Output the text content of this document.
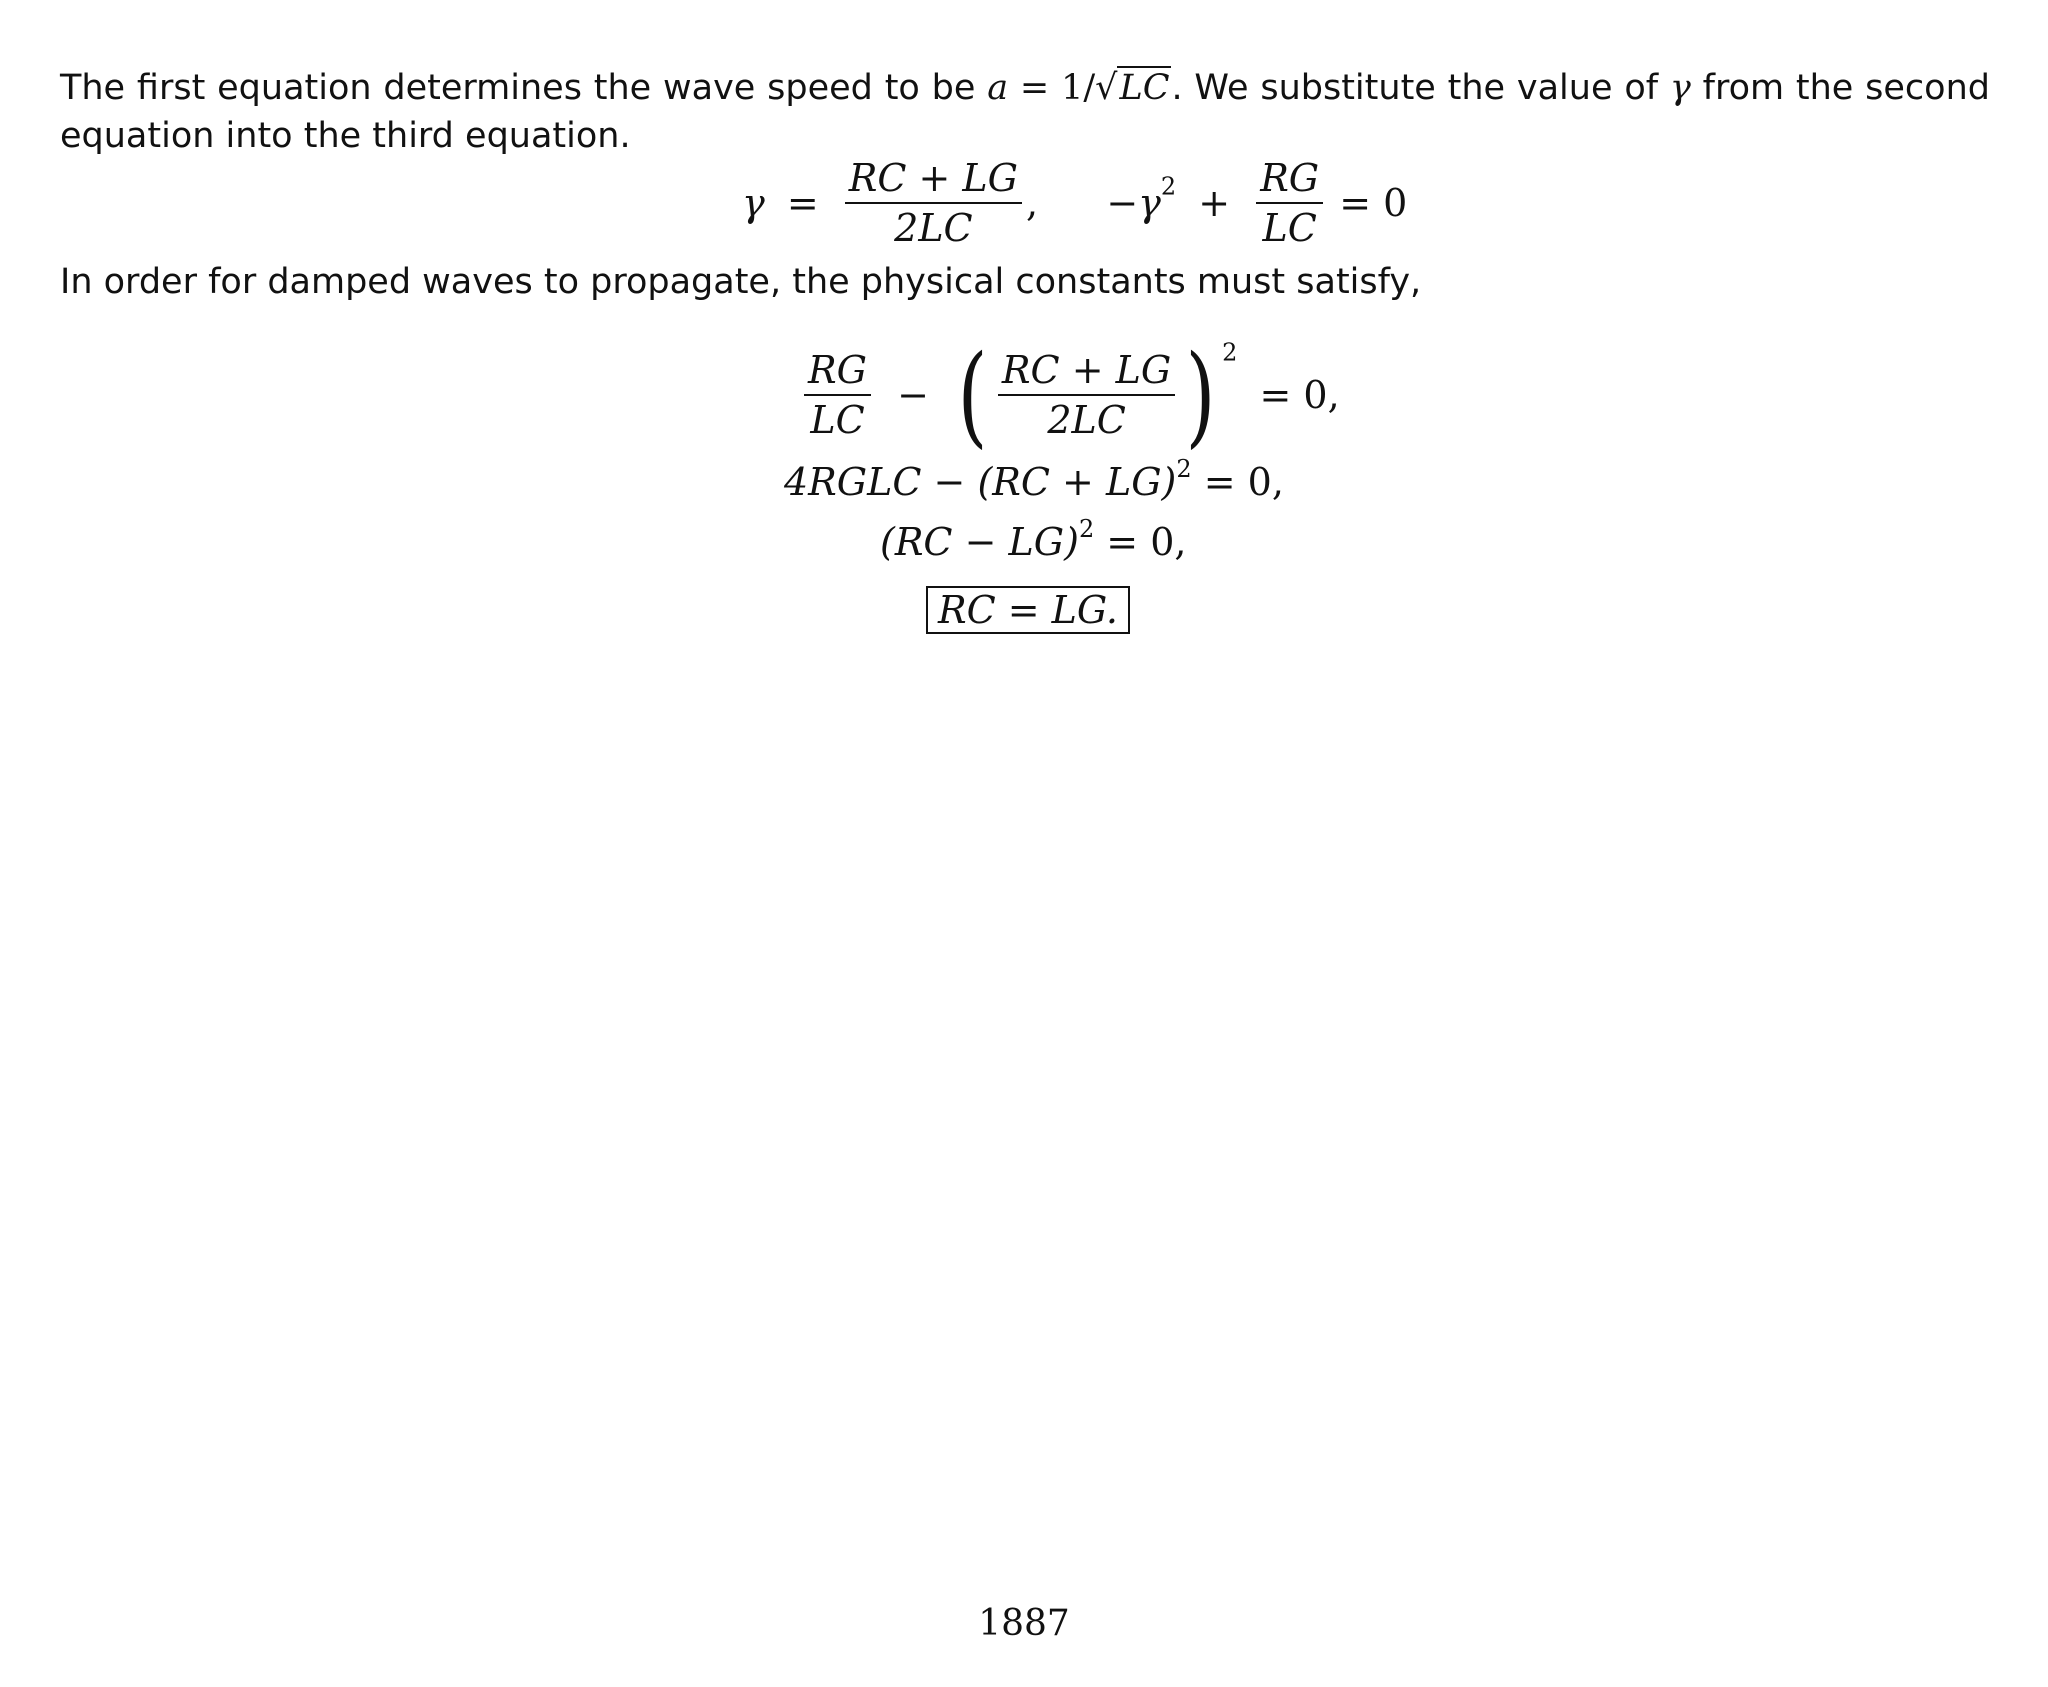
The first equation determines the wave speed to be a = 1/√LC. We substitute the value of γ from the second equation into the third equation.

$\gamma = \frac{RC + LG}{2LC}$ , $-\gamma^2 + \frac{RG}{LC} = 0$

In order for damped waves to propagate, the physical constants must satisfy,

$\frac{RG}{LC}$ − ( $\frac{RC + LG}{2LC}$ ) $^2$ = 0,
4RGLC − (RC + LG)$^2$ = 0,
(RC − LG)$^2$ = 0,
RC = LG.
1887
